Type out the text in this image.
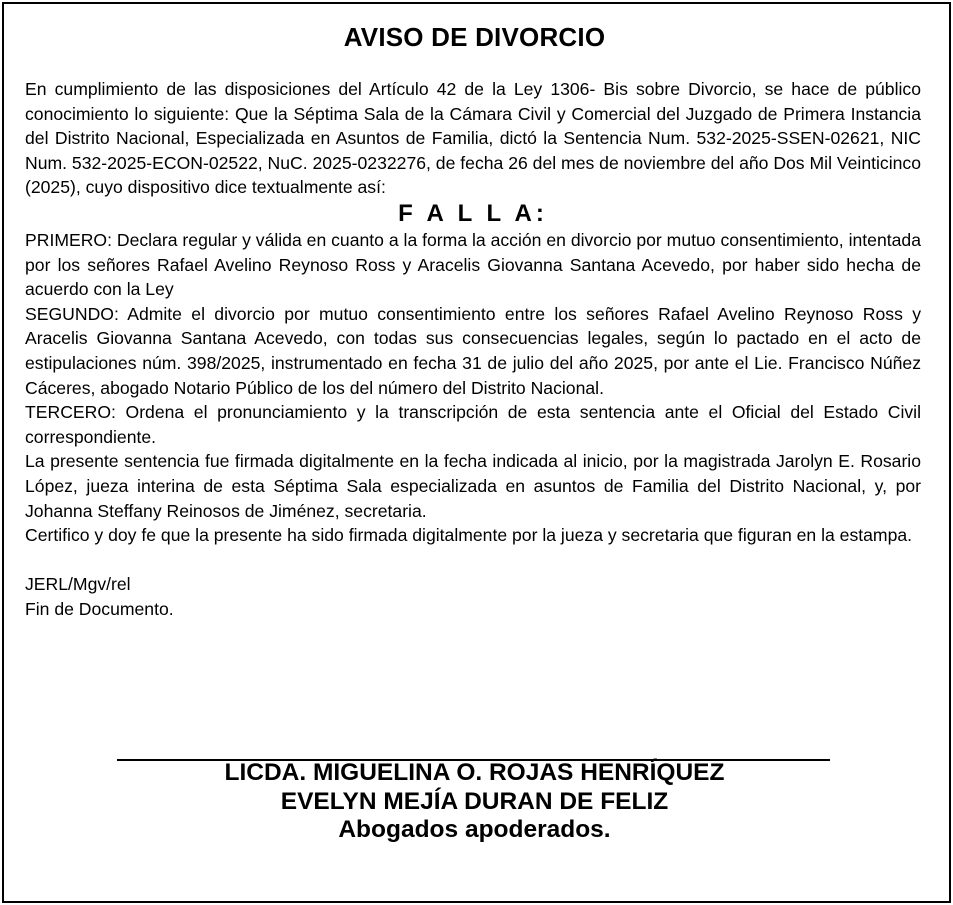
AVISO DE DIVORCIO

En cumplimiento de las disposiciones del Artículo 42 de la Ley 1306- Bis sobre Divorcio, se hace de público conocimiento lo siguiente: Que la Séptima Sala de la Cámara Civil y Comercial del Juzgado de Primera Instancia del Distrito Nacional, Especializada en Asuntos de Familia, dictó la Sentencia Num. 532-2025-SSEN-02621, NIC Num. 532-2025-ECON-02522, NuC. 2025-0232276, de fecha 26 del mes de noviembre del año Dos Mil Veinticinco (2025), cuyo dispositivo dice textualmente así:

F A L L A:

PRIMERO: Declara regular y válida en cuanto a la forma la acción en divorcio por mutuo consentimiento, intentada por los señores Rafael Avelino Reynoso Ross y Aracelis Giovanna Santana Acevedo, por haber sido hecha de acuerdo con la Ley

SEGUNDO: Admite el divorcio por mutuo consentimiento entre los señores Rafael Avelino Reynoso Ross y Aracelis Giovanna Santana Acevedo, con todas sus consecuencias legales, según lo pactado en el acto de estipulaciones núm. 398/2025, instrumentado en fecha 31 de julio del año 2025, por ante el Lie. Francisco Núñez Cáceres, abogado Notario Público de los del número del Distrito Nacional.

TERCERO: Ordena el pronunciamiento y la transcripción de esta sentencia ante el Oficial del Estado Civil correspondiente.

La presente sentencia fue firmada digitalmente en la fecha indicada al inicio, por la magistrada Jarolyn E. Rosario López, jueza interina de esta Séptima Sala especializada en asuntos de Familia del Distrito Nacional, y, por Johanna Steffany Reinosos de Jiménez, secretaria.

Certifico y doy fe que la presente ha sido firmada digitalmente por la jueza y secretaria que figuran en la estampa.

JERL/Mgv/rel

Fin de Documento.

LICDA. MIGUELINA O. ROJAS HENRÍQUEZ
EVELYN MEJÍA DURAN DE FELIZ
Abogados apoderados.
